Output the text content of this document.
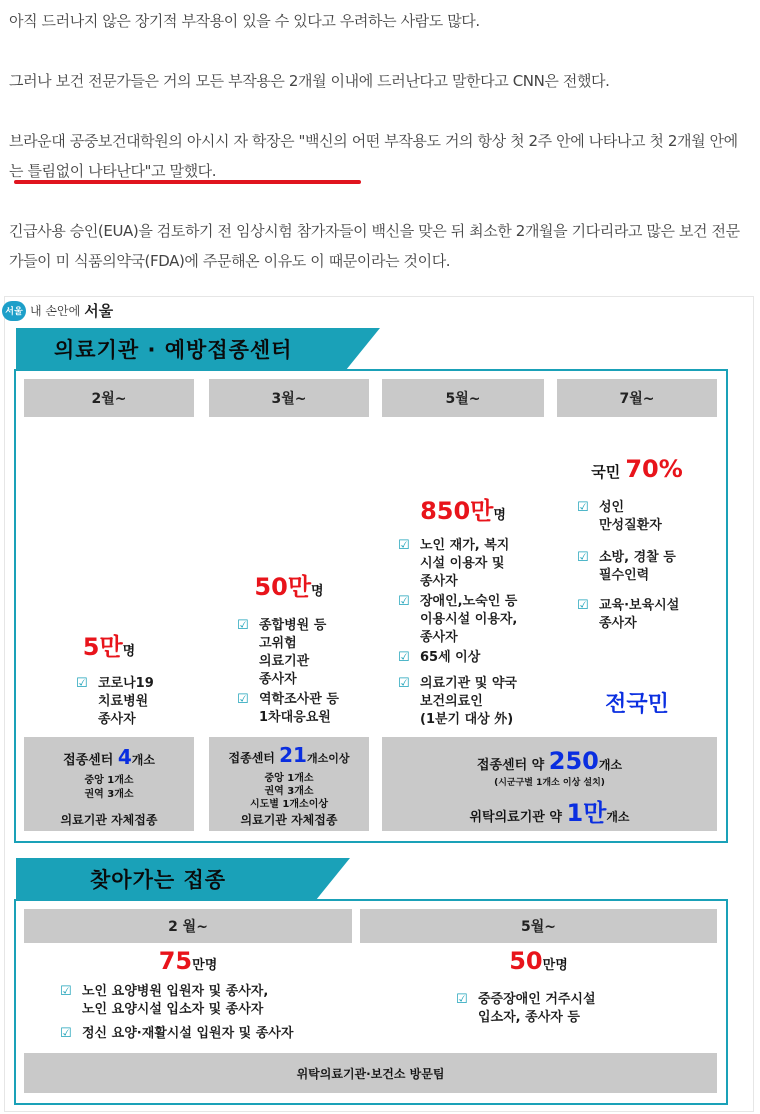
아직 드러나지 않은 장기적 부작용이 있을 수 있다고 우려하는 사람도 많다.
그러나 보건 전문가들은 거의 모든 부작용은 2개월 이내에 드러난다고 말한다고 CNN은 전했다.
브라운대 공중보건대학원의 아시시 자 학장은 "백신의 어떤 부작용도 거의 항상 첫 2주 안에 나타나고 첫 2개월 안에는 틀림없이 나타난다"고 말했다.
긴급사용 승인(EUA)을 검토하기 전 임상시험 참가자들이 백신을 맞은 뒤 최소한 2개월을 기다리라고 많은 보건 전문가들이 미 식품의약국(FDA)에 주문해온 이유도 이 때문이라는 것이다.
서울 내 손안에 서울
의료기관 · 예방접종센터
2월~
5만명
☑ 코로나19
치료병원
종사자
3월~
50만명
☑ 종합병원 등
고위험
의료기관
종사자
☑ 역학조사관 등
1차대응요원
5월~
850만명
☑ 노인 재가, 복지
시설 이용자 및
종사자
☑ 장애인,노숙인 등
이용시설 이용자,
종사자
☑ 65세 이상
☑ 의료기관 및 약국
보건의료인
(1분기 대상 外)
7월~
국민 70%
☑ 성인
만성질환자
☑ 소방, 경찰 등
필수인력
☑ 교육·보육시설
종사자
전국민
접종센터 4개소
중앙 1개소
권역 3개소
의료기관 자체접종
접종센터 21개소이상
중앙 1개소
권역 3개소
시도별 1개소이상
의료기관 자체접종
접종센터 약 250개소
(시군구별 1개소 이상 설치)
위탁의료기관 약 1만개소
찾아가는 접종
2 월~
75만명
☑ 노인 요양병원 입원자 및 종사자,
노인 요양시설 입소자 및 종사자
☑ 정신 요양·재활시설 입원자 및 종사자
5월~
50만명
☑ 중증장애인 거주시설
입소자, 종사자 등
위탁의료기관·보건소 방문팀
